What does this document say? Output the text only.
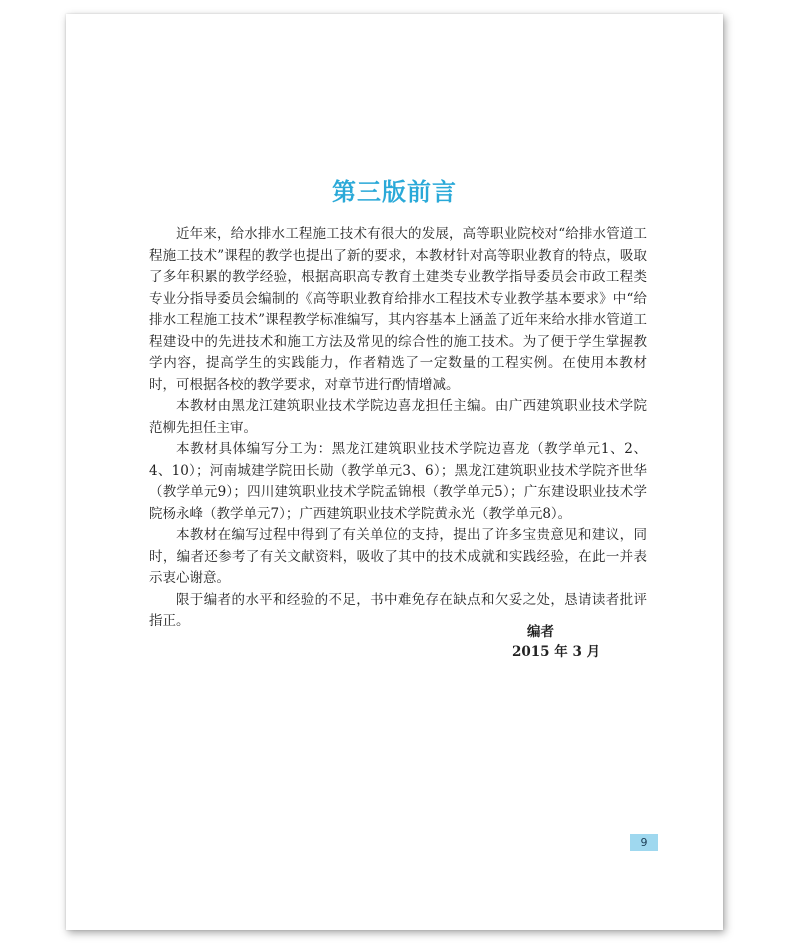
第三版前言

近年来，给水排水工程施工技术有很大的发展，高等职业院校对“给排水管道工程施工技术”课程的教学也提出了新的要求，本教材针对高等职业教育的特点，吸取了多年积累的教学经验，根据高职高专教育土建类专业教学指导委员会市政工程类专业分指导委员会编制的《高等职业教育给排水工程技术专业教学基本要求》中“给排水工程施工技术”课程教学标准编写，其内容基本上涵盖了近年来给水排水管道工程建设中的先进技术和施工方法及常见的综合性的施工技术。为了便于学生掌握教学内容，提高学生的实践能力，作者精选了一定数量的工程实例。在使用本教材时，可根据各校的教学要求，对章节进行酌情增减。

本教材由黑龙江建筑职业技术学院边喜龙担任主编。由广西建筑职业技术学院范柳先担任主审。

本教材具体编写分工为：黑龙江建筑职业技术学院边喜龙（教学单元1、2、4、10）；河南城建学院田长勋（教学单元3、6）；黑龙江建筑职业技术学院齐世华（教学单元9）；四川建筑职业技术学院孟锦根（教学单元5）；广东建设职业技术学院杨永峰（教学单元7）；广西建筑职业技术学院黄永光（教学单元8）。

本教材在编写过程中得到了有关单位的支持，提出了许多宝贵意见和建议，同时，编者还参考了有关文献资料，吸收了其中的技术成就和实践经验，在此一并表示衷心谢意。

限于编者的水平和经验的不足，书中难免存在缺点和欠妥之处，恳请读者批评指正。

编者
2015 年 3 月
9
